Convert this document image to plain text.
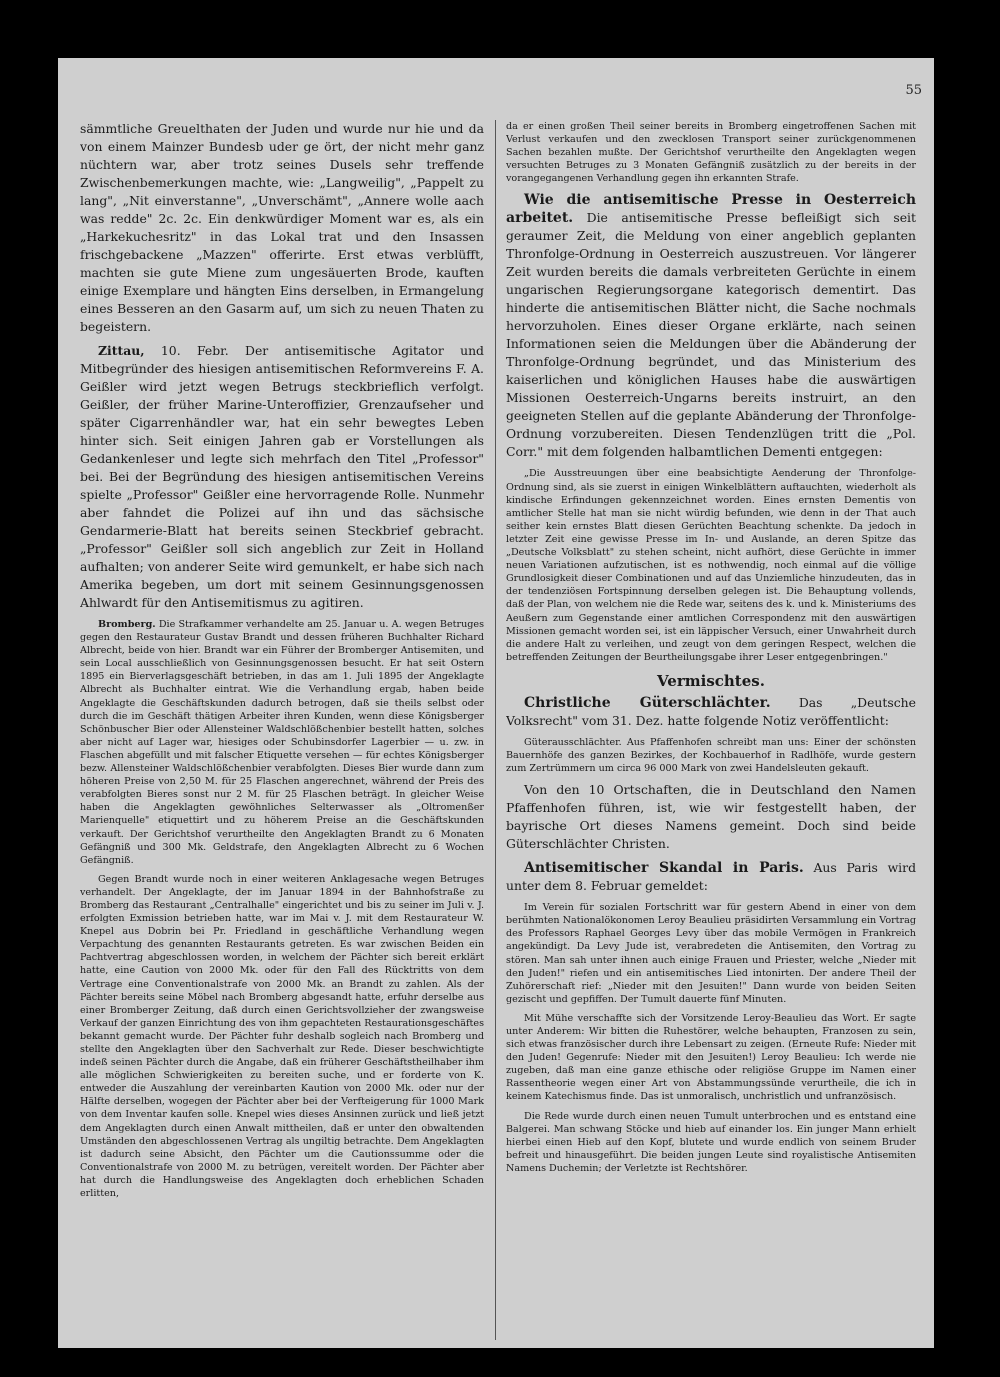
55

sämmtliche Greuelthaten der Juden und wurde nur hie und da von einem Mainzer Bundesb uder ge ört, der nicht mehr ganz nüchtern war, aber trotz seines Dusels sehr treffende Zwischenbemerkungen machte, wie: „Langweilig", „Pappelt zu lang", „Nit einverstanne", „Unverschämt", „Annere wolle aach was redde" 2c. 2c. Ein denkwürdiger Moment war es, als ein „Harkekuchesritz" in das Lokal trat und den Insassen frischgebackene „Mazzen" offerirte. Erst etwas verblüfft, machten sie gute Miene zum ungesäuerten Brode, kauften einige Exemplare und hängten Eins derselben, in Ermangelung eines Besseren an den Gasarm auf, um sich zu neuen Thaten zu begeistern.

Zittau, 10. Febr. Der antisemitische Agitator und Mitbegründer des hiesigen antisemitischen Reformvereins F. A. Geißler wird jetzt wegen Betrugs steckbrieflich verfolgt. Geißler, der früher Marine-Unteroffizier, Grenzaufseher und später Cigarrenhändler war, hat ein sehr bewegtes Leben hinter sich. Seit einigen Jahren gab er Vorstellungen als Gedankenleser und legte sich mehrfach den Titel „Professor" bei. Bei der Begründung des hiesigen antisemitischen Vereins spielte „Professor" Geißler eine hervorragende Rolle. Nunmehr aber fahndet die Polizei auf ihn und das sächsische Gendarmerie-Blatt hat bereits seinen Steckbrief gebracht. „Professor" Geißler soll sich angeblich zur Zeit in Holland aufhalten; von anderer Seite wird gemunkelt, er habe sich nach Amerika begeben, um dort mit seinem Gesinnungsgenossen Ahlwardt für den Antisemitismus zu agitiren.

Bromberg. Die Strafkammer verhandelte am 25. Januar u. A. wegen Betruges gegen den Restaurateur Gustav Brandt und dessen früheren Buchhalter Richard Albrecht, beide von hier. Brandt war ein Führer der Bromberger Antisemiten, und sein Local ausschließlich von Gesinnungsgenossen besucht. Er hat seit Ostern 1895 ein Bierverlagsgeschäft betrieben, in das am 1. Juli 1895 der Angeklagte Albrecht als Buchhalter eintrat. Wie die Verhandlung ergab, haben beide Angeklagte die Geschäftskunden dadurch betrogen, daß sie theils selbst oder durch die im Geschäft thätigen Arbeiter ihren Kunden, wenn diese Königsberger Schönbuscher Bier oder Allensteiner Waldschlößchenbier bestellt hatten, solches aber nicht auf Lager war, hiesiges oder Schubinsdorfer Lagerbier — u. zw. in Flaschen abgefüllt und mit falscher Etiquette versehen — für echtes Königsberger bezw. Allensteiner Waldschlößchenbier verabfolgten. Dieses Bier wurde dann zum höheren Preise von 2,50 M. für 25 Flaschen angerechnet, während der Preis des verabfolgten Bieres sonst nur 2 M. für 25 Flaschen beträgt. In gleicher Weise haben die Angeklagten gewöhnliches Selterwasser als „Oltromenßer Marienquelle" etiquettirt und zu höherem Preise an die Geschäftskunden verkauft. Der Gerichtshof verurtheilte den Angeklagten Brandt zu 6 Monaten Gefängniß und 300 Mk. Geldstrafe, den Angeklagten Albrecht zu 6 Wochen Gefängniß.

Gegen Brandt wurde noch in einer weiteren Anklagesache wegen Betruges verhandelt. Der Angeklagte, der im Januar 1894 in der Bahnhofstraße zu Bromberg das Restaurant „Centralhalle" eingerichtet und bis zu seiner im Juli v. J. erfolgten Exmission betrieben hatte, war im Mai v. J. mit dem Restaurateur W. Knepel aus Dobrin bei Pr. Friedland in geschäftliche Verhandlung wegen Verpachtung des genannten Restaurants getreten. Es war zwischen Beiden ein Pachtvertrag abgeschlossen worden, in welchem der Pächter sich bereit erklärt hatte, eine Caution von 2000 Mk. oder für den Fall des Rücktritts von dem Vertrage eine Conventionalstrafe von 2000 Mk. an Brandt zu zahlen. Als der Pächter bereits seine Möbel nach Bromberg abgesandt hatte, erfuhr derselbe aus einer Bromberger Zeitung, daß durch einen Gerichtsvollzieher der zwangsweise Verkauf der ganzen Einrichtung des von ihm gepachteten Restaurationsgeschäftes bekannt gemacht wurde. Der Pächter fuhr deshalb sogleich nach Bromberg und stellte den Angeklagten über den Sachverhalt zur Rede. Dieser beschwichtigte indeß seinen Pächter durch die Angabe, daß ein früherer Geschäftstheilhaber ihm alle möglichen Schwierigkeiten zu bereiten suche, und er forderte von K. entweder die Auszahlung der vereinbarten Kaution von 2000 Mk. oder nur der Hälfte derselben, wogegen der Pächter aber bei der Verfteigerung für 1000 Mark von dem Inventar kaufen solle. Knepel wies dieses Ansinnen zurück und ließ jetzt dem Angeklagten durch einen Anwalt mittheilen, daß er unter den obwaltenden Umständen den abgeschlossenen Vertrag als ungiltig betrachte. Dem Angeklagten ist dadurch seine Absicht, den Pächter um die Cautionssumme oder die Conventionalstrafe von 2000 M. zu betrügen, vereitelt worden. Der Pächter aber hat durch die Handlungsweise des Angeklagten doch erheblichen Schaden erlitten,

da er einen großen Theil seiner bereits in Bromberg eingetroffenen Sachen mit Verlust verkaufen und den zwecklosen Transport seiner zurückgenommenen Sachen bezahlen mußte. Der Gerichtshof verurtheilte den Angeklagten wegen versuchten Betruges zu 3 Monaten Gefängniß zusätzlich zu der bereits in der vorangegangenen Verhandlung gegen ihn erkannten Strafe.

Wie die antisemitische Presse in Oesterreich arbeitet. Die antisemitische Presse befleißigt sich seit geraumer Zeit, die Meldung von einer angeblich geplanten Thronfolge-Ordnung in Oesterreich auszustreuen. Vor längerer Zeit wurden bereits die damals verbreiteten Gerüchte in einem ungarischen Regierungsorgane kategorisch dementirt. Das hinderte die antisemitischen Blätter nicht, die Sache nochmals hervorzuholen. Eines dieser Organe erklärte, nach seinen Informationen seien die Meldungen über die Abänderung der Thronfolge-Ordnung begründet, und das Ministerium des kaiserlichen und königlichen Hauses habe die auswärtigen Missionen Oesterreich-Ungarns bereits instruirt, an den geeigneten Stellen auf die geplante Abänderung der Thronfolge-Ordnung vorzubereiten. Diesen Tendenzlügen tritt die „Pol. Corr." mit dem folgenden halbamtlichen Dementi entgegen:

„Die Ausstreuungen über eine beabsichtigte Aenderung der Thronfolge-Ordnung sind, als sie zuerst in einigen Winkelblättern auftauchten, wiederholt als kindische Erfindungen gekennzeichnet worden. Eines ernsten Dementis von amtlicher Stelle hat man sie nicht würdig befunden, wie denn in der That auch seither kein ernstes Blatt diesen Gerüchten Beachtung schenkte. Da jedoch in letzter Zeit eine gewisse Presse im In- und Auslande, an deren Spitze das „Deutsche Volksblatt" zu stehen scheint, nicht aufhört, diese Gerüchte in immer neuen Variationen aufzutischen, ist es nothwendig, noch einmal auf die völlige Grundlosigkeit dieser Combinationen und auf das Unziemliche hinzudeuten, das in der tendenziösen Fortspinnung derselben gelegen ist. Die Behauptung vollends, daß der Plan, von welchem nie die Rede war, seitens des k. und k. Ministeriums des Aeußern zum Gegenstande einer amtlichen Correspondenz mit den auswärtigen Missionen gemacht worden sei, ist ein läppischer Versuch, einer Unwahrheit durch die andere Halt zu verleihen, und zeugt von dem geringen Respect, welchen die betreffenden Zeitungen der Beurtheilungsgabe ihrer Leser entgegenbringen."

Vermischtes.

Christliche Güterschlächter. Das „Deutsche Volksrecht" vom 31. Dez. hatte folgende Notiz veröffentlicht:

Güterausschlächter. Aus Pfaffenhofen schreibt man uns: Einer der schönsten Bauernhöfe des ganzen Bezirkes, der Kochbauerhof in Radlhöfe, wurde gestern zum Zertrümmern um circa 96 000 Mark von zwei Handelsleuten gekauft.

Von den 10 Ortschaften, die in Deutschland den Namen Pfaffenhofen führen, ist, wie wir festgestellt haben, der bayrische Ort dieses Namens gemeint. Doch sind beide Güterschlächter Christen.

Antisemitischer Skandal in Paris. Aus Paris wird unter dem 8. Februar gemeldet:

Im Verein für sozialen Fortschritt war für gestern Abend in einer von dem berühmten Nationalökonomen Leroy Beaulieu präsidirten Versammlung ein Vortrag des Professors Raphael Georges Levy über das mobile Vermögen in Frankreich angekündigt. Da Levy Jude ist, verabredeten die Antisemiten, den Vortrag zu stören. Man sah unter ihnen auch einige Frauen und Priester, welche „Nieder mit den Juden!" riefen und ein antisemitisches Lied intonirten. Der andere Theil der Zuhörerschaft rief: „Nieder mit den Jesuiten!" Dann wurde von beiden Seiten gezischt und gepfiffen. Der Tumult dauerte fünf Minuten.

Mit Mühe verschaffte sich der Vorsitzende Leroy-Beaulieu das Wort. Er sagte unter Anderem: Wir bitten die Ruhestörer, welche behaupten, Franzosen zu sein, sich etwas französischer durch ihre Lebensart zu zeigen. (Erneute Rufe: Nieder mit den Juden! Gegenrufe: Nieder mit den Jesuiten!) Leroy Beaulieu: Ich werde nie zugeben, daß man eine ganze ethische oder religiöse Gruppe im Namen einer Rassentheorie wegen einer Art von Abstammungssünde verurtheile, die ich in keinem Katechismus finde. Das ist unmoralisch, unchristlich und unfranzösisch.

Die Rede wurde durch einen neuen Tumult unterbrochen und es entstand eine Balgerei. Man schwang Stöcke und hieb auf einander los. Ein junger Mann erhielt hierbei einen Hieb auf den Kopf, blutete und wurde endlich von seinem Bruder befreit und hinausgeführt. Die beiden jungen Leute sind royalistische Antisemiten Namens Duchemin; der Verletzte ist Rechtshörer.
